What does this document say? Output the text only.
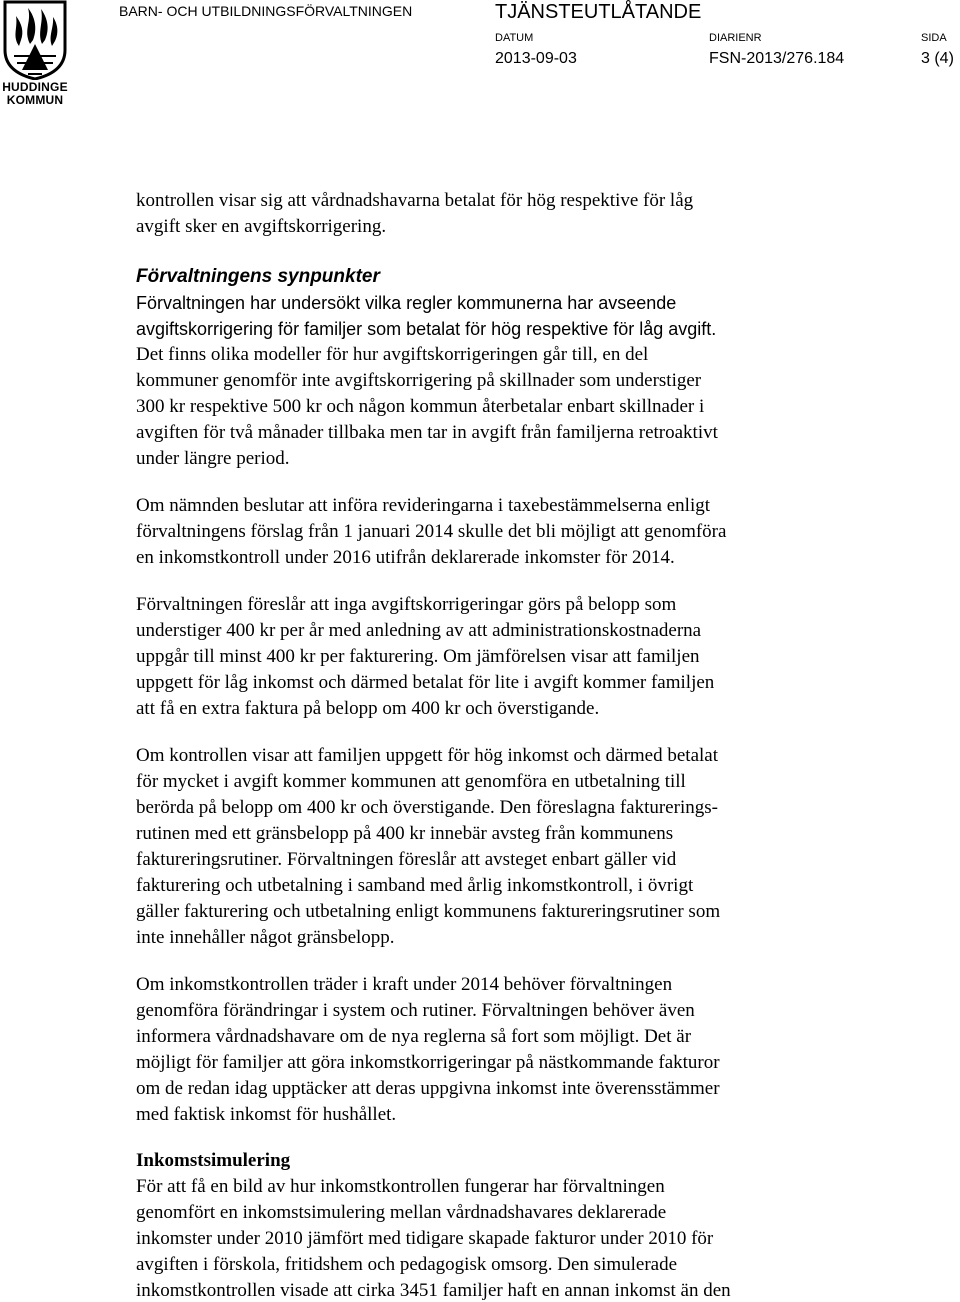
HUDDINGE
KOMMUN
BARN- OCH UTBILDNINGSFÖRVALTNINGEN	TJÄNSTEUTLÅTANDE
DATUM	DIARIENR	SIDA
2013-09-03	FSN-2013/276.184	3 (4)
kontrollen visar sig att vårdnadshavarna betalat för hög respektive för låg
avgift sker en avgiftskorrigering.
Förvaltningens synpunkter
Förvaltningen har undersökt vilka regler kommunerna har avseende
avgiftskorrigering för familjer som betalat för hög respektive för låg avgift.
Det finns olika modeller för hur avgiftskorrigeringen går till, en del
kommuner genomför inte avgiftskorrigering på skillnader som understiger
300 kr respektive 500 kr och någon kommun återbetalar enbart skillnader i
avgiften för två månader tillbaka men tar in avgift från familjerna retroaktivt
under längre period.
Om nämnden beslutar att införa revideringarna i taxebestämmelserna enligt
förvaltningens förslag från 1 januari 2014 skulle det bli möjligt att genomföra
en inkomstkontroll under 2016 utifrån deklarerade inkomster för 2014.
Förvaltningen föreslår att inga avgiftskorrigeringar görs på belopp som
understiger 400 kr per år med anledning av att administrationskostnaderna
uppgår till minst 400 kr per fakturering. Om jämförelsen visar att familjen
uppgett för låg inkomst och därmed betalat för lite i avgift kommer familjen
att få en extra faktura på belopp om 400 kr och överstigande.
Om kontrollen visar att familjen uppgett för hög inkomst och därmed betalat
för mycket i avgift kommer kommunen att genomföra en utbetalning till
berörda på belopp om 400 kr och överstigande. Den föreslagna fakturerings-
rutinen med ett gränsbelopp på 400 kr innebär avsteg från kommunens
faktureringsrutiner. Förvaltningen föreslår att avsteget enbart gäller vid
fakturering och utbetalning i samband med årlig inkomstkontroll, i övrigt
gäller fakturering och utbetalning enligt kommunens faktureringsrutiner som
inte innehåller något gränsbelopp.
Om inkomstkontrollen träder i kraft under 2014 behöver förvaltningen
genomföra förändringar i system och rutiner. Förvaltningen behöver även
informera vårdnadshavare om de nya reglerna så fort som möjligt. Det är
möjligt för familjer att göra inkomstkorrigeringar på nästkommande fakturor
om de redan idag upptäcker att deras uppgivna inkomst inte överensstämmer
med faktisk inkomst för hushållet.
Inkomstsimulering
För att få en bild av hur inkomstkontrollen fungerar har förvaltningen
genomfört en inkomstsimulering mellan vårdnadshavares deklarerade
inkomster under 2010 jämfört med tidigare skapade fakturor under 2010 för
avgiften i förskola, fritidshem och pedagogisk omsorg. Den simulerade
inkomstkontrollen visade att cirka 3451 familjer haft en annan inkomst än den
